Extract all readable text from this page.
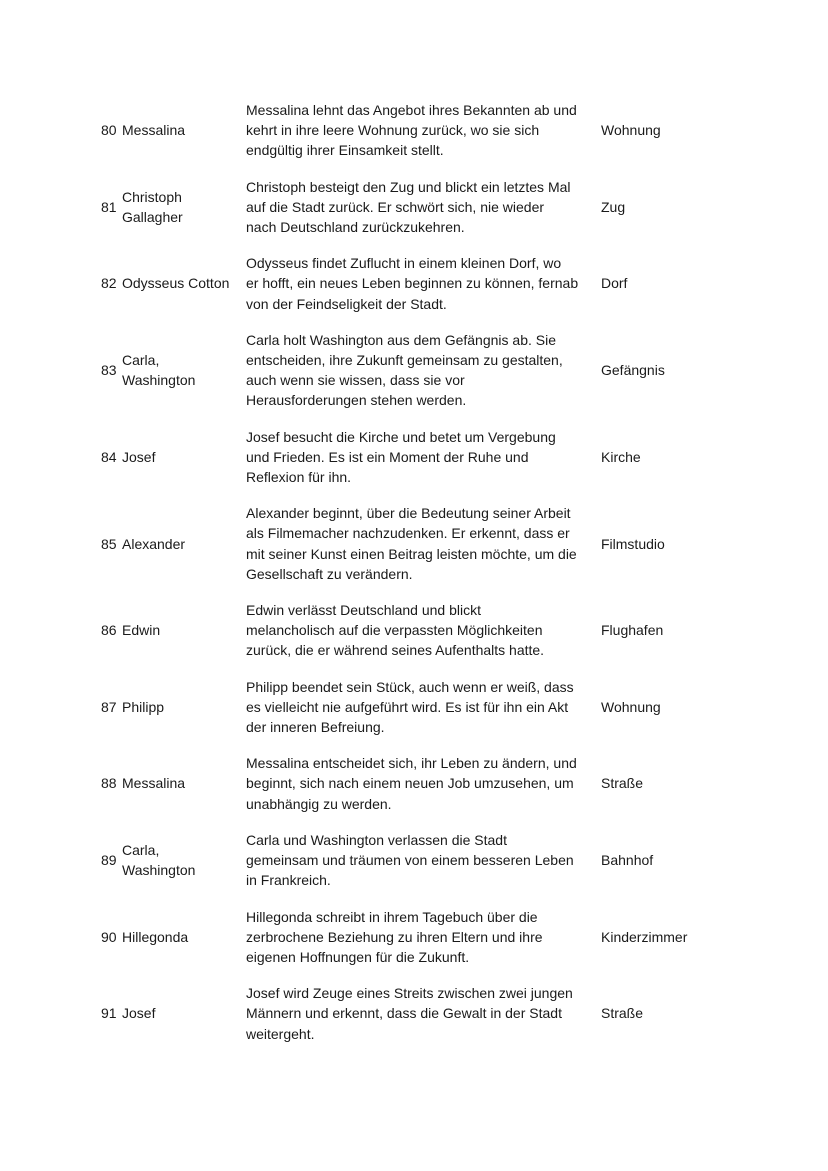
80	Messalina	Messalina lehnt das Angebot ihres Bekannten ab und
kehrt in ihre leere Wohnung zurück, wo sie sich
endgültig ihrer Einsamkeit stellt.	Wohnung
81	Christoph
Gallagher	Christoph besteigt den Zug und blickt ein letztes Mal
auf die Stadt zurück. Er schwört sich, nie wieder
nach Deutschland zurückzukehren.	Zug
82	Odysseus Cotton	Odysseus findet Zuflucht in einem kleinen Dorf, wo
er hofft, ein neues Leben beginnen zu können, fernab
von der Feindseligkeit der Stadt.	Dorf
83	Carla,
Washington	Carla holt Washington aus dem Gefängnis ab. Sie
entscheiden, ihre Zukunft gemeinsam zu gestalten,
auch wenn sie wissen, dass sie vor
Herausforderungen stehen werden.	Gefängnis
84	Josef	Josef besucht die Kirche und betet um Vergebung
und Frieden. Es ist ein Moment der Ruhe und
Reflexion für ihn.	Kirche
85	Alexander	Alexander beginnt, über die Bedeutung seiner Arbeit
als Filmemacher nachzudenken. Er erkennt, dass er
mit seiner Kunst einen Beitrag leisten möchte, um die
Gesellschaft zu verändern.	Filmstudio
86	Edwin	Edwin verlässt Deutschland und blickt
melancholisch auf die verpassten Möglichkeiten
zurück, die er während seines Aufenthalts hatte.	Flughafen
87	Philipp	Philipp beendet sein Stück, auch wenn er weiß, dass
es vielleicht nie aufgeführt wird. Es ist für ihn ein Akt
der inneren Befreiung.	Wohnung
88	Messalina	Messalina entscheidet sich, ihr Leben zu ändern, und
beginnt, sich nach einem neuen Job umzusehen, um
unabhängig zu werden.	Straße
89	Carla,
Washington	Carla und Washington verlassen die Stadt
gemeinsam und träumen von einem besseren Leben
in Frankreich.	Bahnhof
90	Hillegonda	Hillegonda schreibt in ihrem Tagebuch über die
zerbrochene Beziehung zu ihren Eltern und ihre
eigenen Hoffnungen für die Zukunft.	Kinderzimmer
91	Josef	Josef wird Zeuge eines Streits zwischen zwei jungen
Männern und erkennt, dass die Gewalt in der Stadt
weitergeht.	Straße
